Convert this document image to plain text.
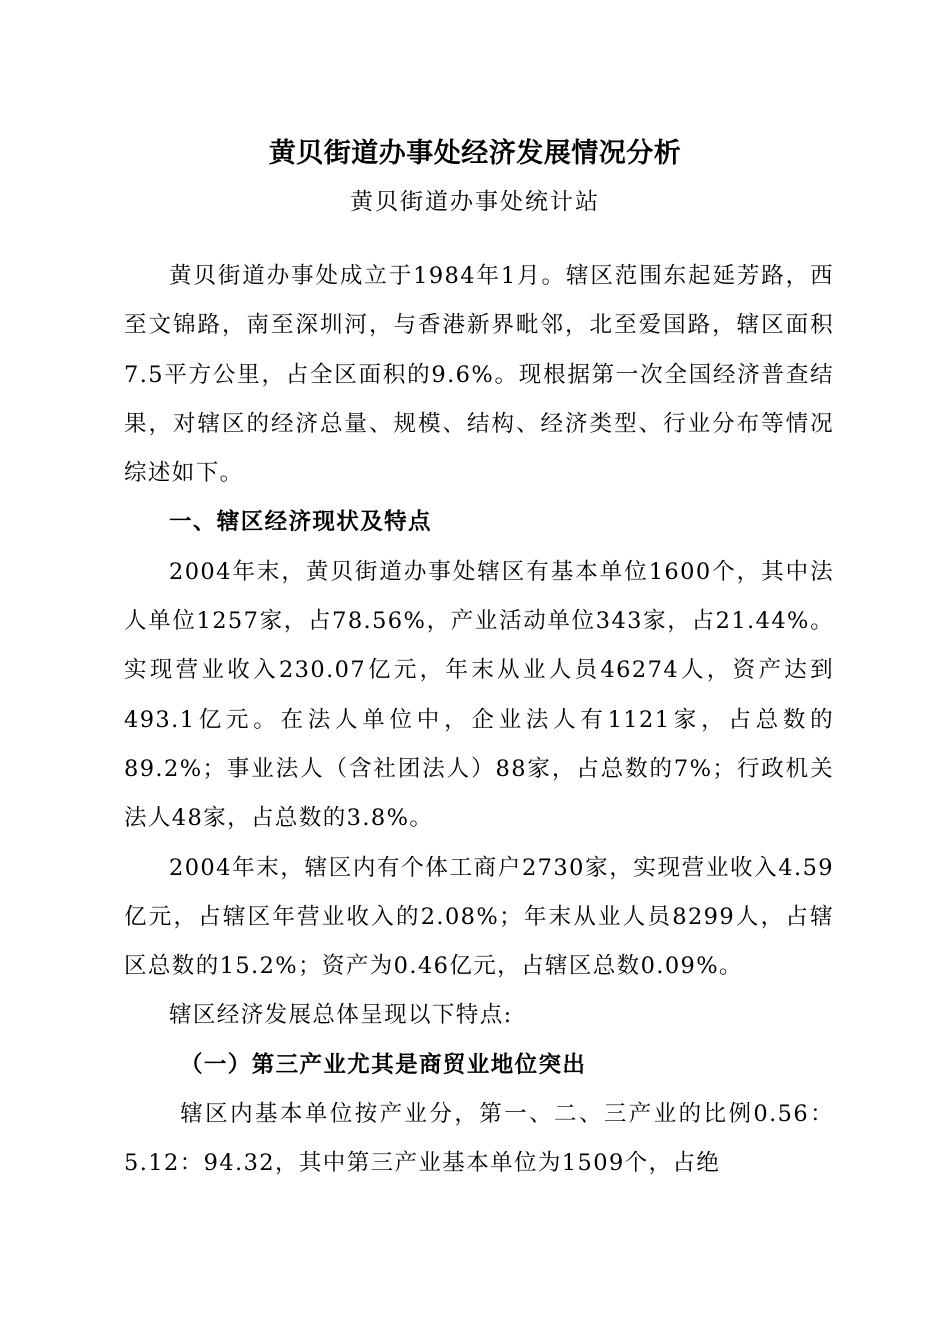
黄贝街道办事处经济发展情况分析
黄贝街道办事处统计站

黄贝街道办事处成立于1984年1月。辖区范围东起延芳路，西至文锦路，南至深圳河，与香港新界毗邻，北至爱国路，辖区面积7.5平方公里，占全区面积的9.6%。现根据第一次全国经济普查结果，对辖区的经济总量、规模、结构、经济类型、行业分布等情况综述如下。

一、辖区经济现状及特点

2004年末，黄贝街道办事处辖区有基本单位1600个，其中法人单位1257家，占78.56%，产业活动单位343家，占21.44%。实现营业收入230.07亿元，年末从业人员46274人，资产达到493.1亿元。在法人单位中，企业法人有1121家，占总数的89.2%；事业法人（含社团法人）88家，占总数的7%；行政机关法人48家，占总数的3.8%。

2004年末，辖区内有个体工商户2730家，实现营业收入4.59亿元，占辖区年营业收入的2.08%；年末从业人员8299人，占辖区总数的15.2%；资产为0.46亿元，占辖区总数0.09%。

辖区经济发展总体呈现以下特点:

（一）第三产业尤其是商贸业地位突出

辖区内基本单位按产业分，第一、二、三产业的比例0.56：5.12：94.32，其中第三产业基本单位为1509个，占绝
